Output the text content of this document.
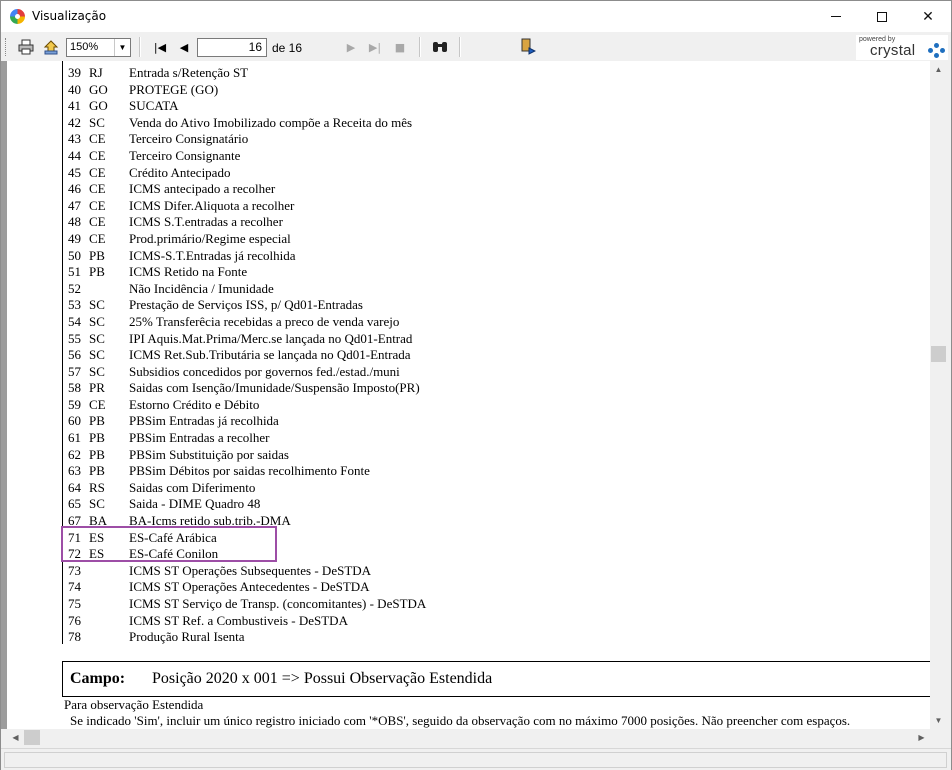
Visualização	✕
150%	▼	|◀ ◀	16 de 16	▶ ▶| ■
powered by
crystal
39 RJ Entrada s/Retenção ST
40 GO PROTEGE (GO)
41 GO SUCATA
42 SC Venda do Ativo Imobilizado compõe a Receita do mês
43 CE Terceiro Consignatário
44 CE Terceiro Consignante
45 CE Crédito Antecipado
46 CE ICMS antecipado a recolher
47 CE ICMS Difer.Aliquota a recolher
48 CE ICMS S.T.entradas a recolher
49 CE Prod.primário/Regime especial
50 PB ICMS-S.T.Entradas já recolhida
51 PB ICMS Retido na Fonte
52	Não Incidência / Imunidade
53 SC Prestação de Serviços ISS, p/ Qd01-Entradas
54 SC 25% Transferêcia recebidas a preco de venda varejo
55 SC IPI Aquis.Mat.Prima/Merc.se lançada no Qd01-Entrad
56 SC ICMS Ret.Sub.Tributária se lançada no Qd01-Entrada
57 SC Subsidios concedidos por governos fed./estad./muni
58 PR Saidas com Isenção/Imunidade/Suspensão Imposto(PR)
59 CE Estorno Crédito e Débito
60 PB PBSim Entradas já recolhida
61 PB PBSim Entradas a recolher
62 PB PBSim Substituição por saidas
63 PB PBSim Débitos por saidas recolhimento Fonte
64 RS Saidas com Diferimento
65 SC Saida - DIME Quadro 48
67 BA BA-Icms retido sub.trib.-DMA
71 ES ES-Café Arábica
72 ES ES-Café Conilon
73	ICMS ST Operações Subsequentes - DeSTDA
74	ICMS ST Operações Antecedentes - DeSTDA
75	ICMS ST Serviço de Transp. (concomitantes) - DeSTDA
76	ICMS ST Ref. a Combustiveis - DeSTDA
78	Produção Rural Isenta
Campo: Posição 2020 x 001 => Possui Observação Estendida
Para observação Estendida
Se indicado 'Sim', incluir um único registro iniciado com '*OBS', seguido da observação com no máximo 7000 posições. Não preencher com espaços.
▲
▼
◀	▶
